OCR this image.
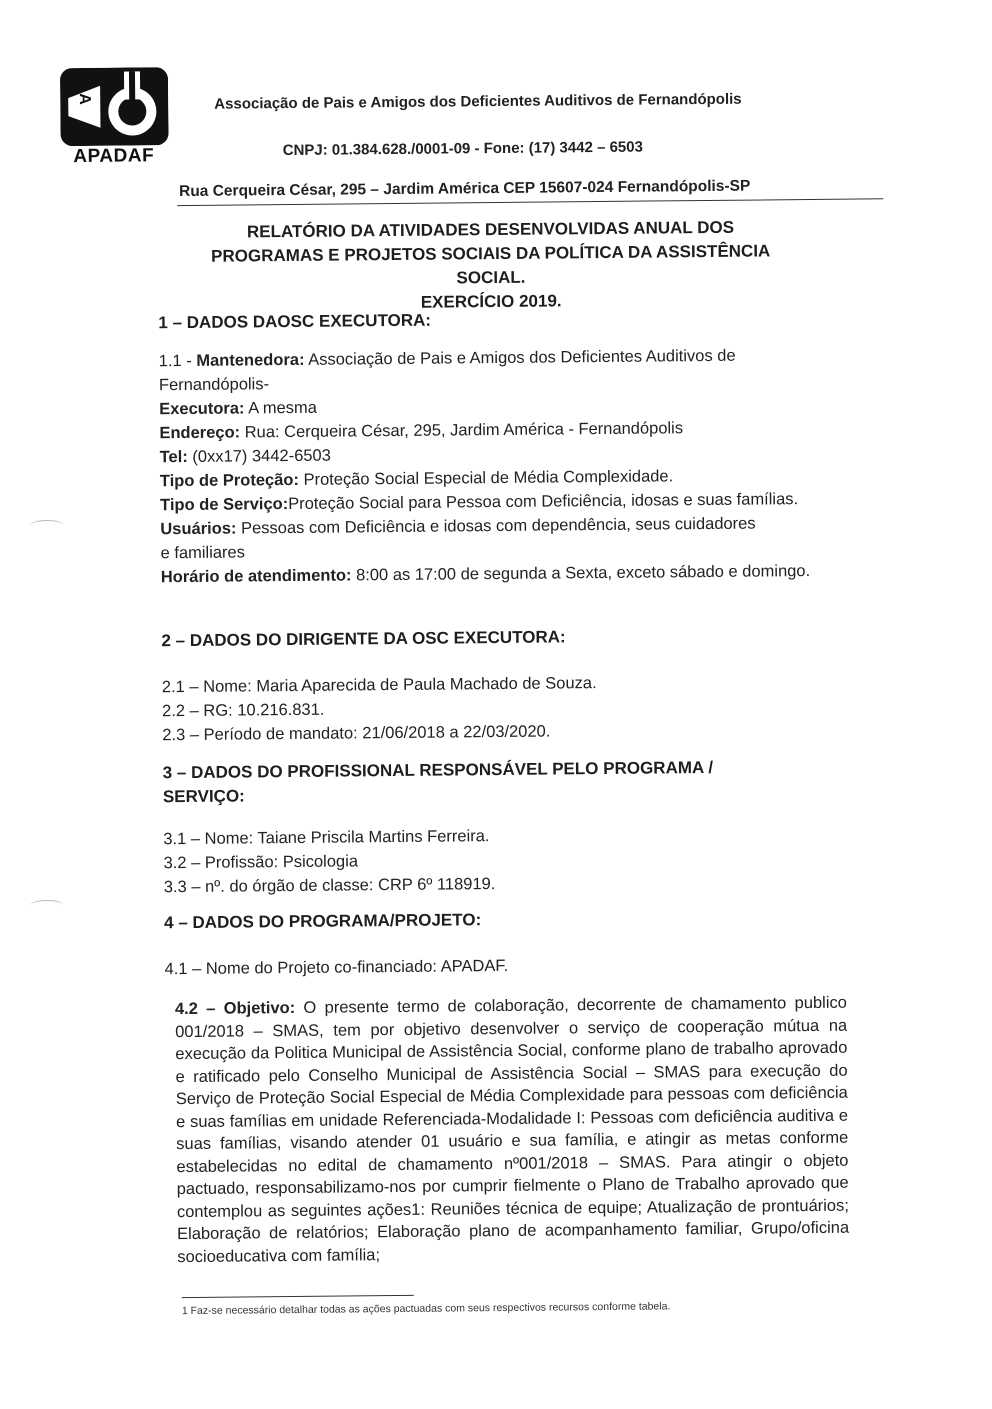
A
APADAF
Associação de Pais e Amigos dos Deficientes Auditivos de Fernandópolis
CNPJ: 01.384.628./0001-09 - Fone: (17) 3442 – 6503
Rua Cerqueira César, 295 – Jardim América CEP 15607-024 Fernandópolis-SP
RELATÓRIO DA ATIVIDADES DESENVOLVIDAS ANUAL DOS
PROGRAMAS E PROJETOS SOCIAIS DA POLÍTICA DA ASSISTÊNCIA
SOCIAL.
EXERCÍCIO 2019.
1 – DADOS DAOSC EXECUTORA:
1.1 - Mantenedora: Associação de Pais e Amigos dos Deficientes Auditivos de Fernandópolis-
Executora: A mesma
Endereço: Rua: Cerqueira César, 295, Jardim América - Fernandópolis
Tel: (0xx17) 3442-6503
Tipo de Proteção: Proteção Social Especial de Média Complexidade.
Tipo de Serviço:Proteção Social para Pessoa com Deficiência, idosas e suas famílias.
Usuários: Pessoas com Deficiência e idosas com dependência, seus cuidadores e familiares
Horário de atendimento: 8:00 as 17:00 de segunda a Sexta, exceto sábado e domingo.
2 – DADOS DO DIRIGENTE DA OSC EXECUTORA:
2.1 – Nome: Maria Aparecida de Paula Machado de Souza.
2.2 – RG: 10.216.831.
2.3 – Período de mandato: 21/06/2018 a 22/03/2020.
3 – DADOS DO PROFISSIONAL RESPONSÁVEL PELO PROGRAMA /
SERVIÇO:
3.1 – Nome: Taiane Priscila Martins Ferreira.
3.2 – Profissão: Psicologia
3.3 – nº. do órgão de classe: CRP 6º 118919.
4 – DADOS DO PROGRAMA/PROJETO:
4.1 – Nome do Projeto co-financiado: APADAF.
4.2 – Objetivo: O presente termo de colaboração, decorrente de chamamento publico 001/2018 – SMAS, tem por objetivo desenvolver o serviço de cooperação mútua na execução da Politica Municipal de Assistência Social, conforme plano de trabalho aprovado e ratificado pelo Conselho Municipal de Assistência Social – SMAS para execução do Serviço de Proteção Social Especial de Média Complexidade para pessoas com deficiência e suas famílias em unidade Referenciada-Modalidade I: Pessoas com deficiência auditiva e suas famílias, visando atender 01 usuário e sua família, e atingir as metas conforme estabelecidas no edital de chamamento nº001/2018 – SMAS. Para atingir o objeto pactuado, responsabilizamo-nos por cumprir fielmente o Plano de Trabalho aprovado que contemplou as seguintes ações1: Reuniões técnica de equipe; Atualização de prontuários; Elaboração de relatórios; Elaboração plano de acompanhamento familiar, Grupo/oficina socioeducativa com família;
1 Faz-se necessário detalhar todas as ações pactuadas com seus respectivos recursos conforme tabela.
